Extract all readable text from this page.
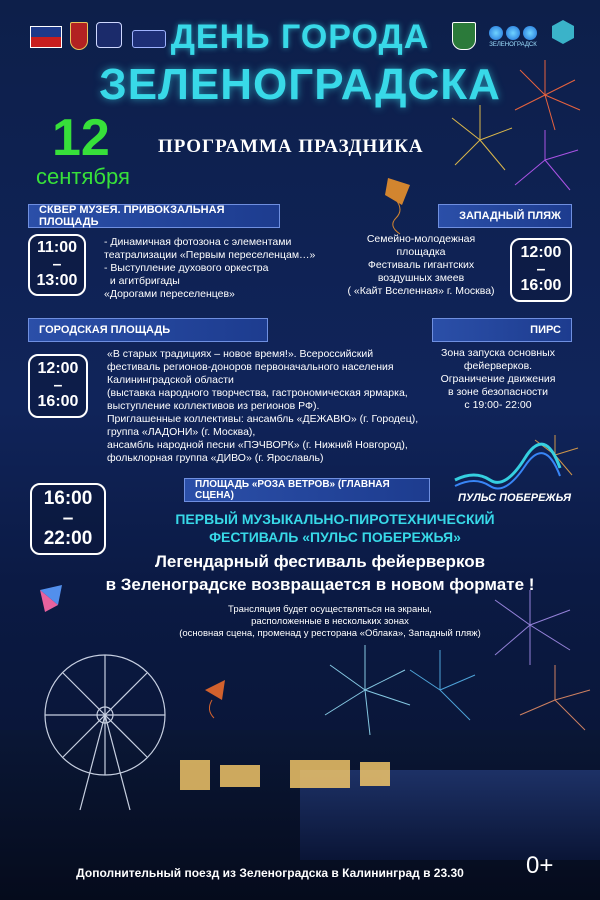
ЗЕЛЕНОГРАДСК
ДЕНЬ ГОРОДА
ЗЕЛЕНОГРАДСКА
12
сентября
ПРОГРАММА ПРАЗДНИКА
СКВЕР МУЗЕЯ. ПРИВОКЗАЛЬНАЯ ПЛОЩАДЬ
11:00
–
13:00
- Динамичная фотозона с элементами
театрализации «Первым переселенцам…»
- Выступление духового оркестра
и агитбригады
«Дорогами переселенцев»
ЗАПАДНЫЙ ПЛЯЖ
Семейно-молодежная
площадка
Фестиваль гигантских
воздушных змеев
( «Кайт Вселенная» г. Москва)
12:00
–
16:00
ГОРОДСКАЯ ПЛОЩАДЬ
12:00
–
16:00
«В старых традициях – новое время!». Всероссийский
фестиваль регионов-доноров первоначального населения
Калининградской области
(выставка народного творчества, гастрономическая ярмарка,
выступление коллективов из регионов РФ).
Приглашенные коллективы: ансамбль «ДЕЖАВЮ» (г. Городец),
группа «ЛАДОНИ» (г. Москва),
ансамбль народной песни «ПЭЧВОРК» (г. Нижний Новгород),
фольклорная группа «ДИВО» (г. Ярославль)
ПИРС
Зона запуска основных
фейерверков.
Ограничение движения
в зоне безопасности
с 19:00- 22:00
ПЛОЩАДЬ «РОЗА ВЕТРОВ» (ГЛАВНАЯ СЦЕНА)
16:00
–
22:00
ПУЛЬС ПОБЕРЕЖЬЯ
ПЕРВЫЙ МУЗЫКАЛЬНО-ПИРОТЕХНИЧЕСКИЙ
ФЕСТИВАЛЬ «ПУЛЬС ПОБЕРЕЖЬЯ»
Легендарный фестиваль фейерверков
в Зеленоградске возвращается в новом формате !
Трансляция будет осуществляться на экраны,
расположенные в нескольких зонах
(основная сцена, променад у ресторана «Облака», Западный пляж)
Дополнительный поезд из Зеленоградска в Калининград в 23.30	0+
